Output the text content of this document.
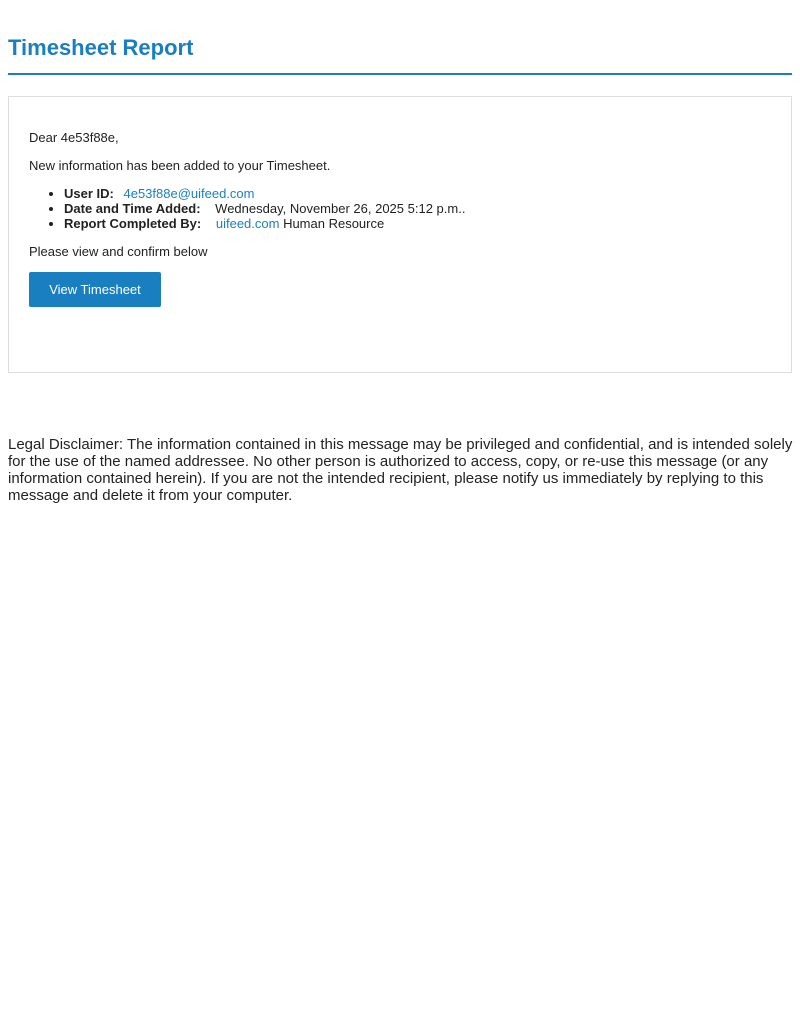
Timesheet Report
Dear 4e53f88e,
New information has been added to your Timesheet.
• User ID: 4e53f88e@uifeed.com
• Date and Time Added: Wednesday, November 26, 2025 5:12 p.m..
• Report Completed By: uifeed.com Human Resource
Please view and confirm below
View Timesheet

Legal Disclaimer: The information contained in this message may be privileged and confidential, and is intended solely for the use of the named addressee. No other person is authorized to access, copy, or re-use this message (or any information contained herein). If you are not the intended recipient, please notify us immediately by replying to this message and delete it from your computer.
